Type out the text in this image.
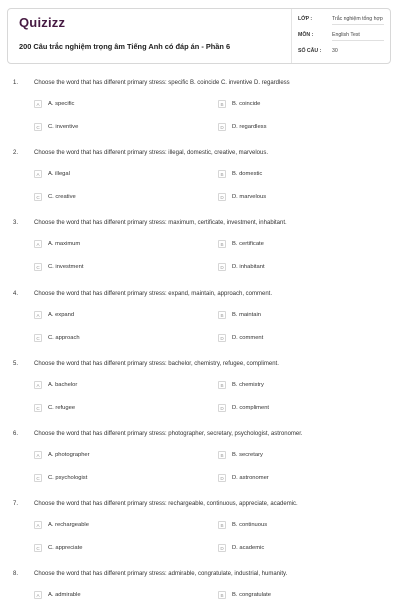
Quizizz
200 Câu trắc nghiệm trọng âm Tiếng Anh có đáp án - Phần 6
LỚP :	Trắc nghiệm tổng hợp
MÔN :	English Test
SỐ CÂU : 30
1.	Choose the word that has different primary stress: specific B. coincide C. inventive D. regardless
A	A. specific	B	B. coincide
C	C. inventive	D	D. regardless
2.	Choose the word that has different primary stress: illegal, domestic, creative, marvelous.
A	A. illegal	B	B. domestic
C	C. creative	D	D. marvelous
3.	Choose the word that has different primary stress: maximum, certificate, investment, inhabitant.
A	A. maximum	B	B. certificate
C	C. investment	D	D. inhabitant
4.	Choose the word that has different primary stress: expand, maintain, approach, comment.
A	A. expand	B	B. maintain
C	C. approach	D	D. comment
5.	Choose the word that has different primary stress: bachelor, chemistry, refugee, compliment.
A	A. bachelor	B	B. chemistry
C	C. refugee	D	D. compliment
6.	Choose the word that has different primary stress: photographer, secretary, psychologist, astronomer.
A	A. photographer	B	B. secretary
C	C. psychologist	D	D. astronomer
7.	Choose the word that has different primary stress: rechargeable, continuous, appreciate, academic.
A	A. rechargeable	B	B. continuous
C	C. appreciate	D	D. academic
8.	Choose the word that has different primary stress: admirable, congratulate, industrial, humanity.
A	A. admirable	B	B. congratulate
